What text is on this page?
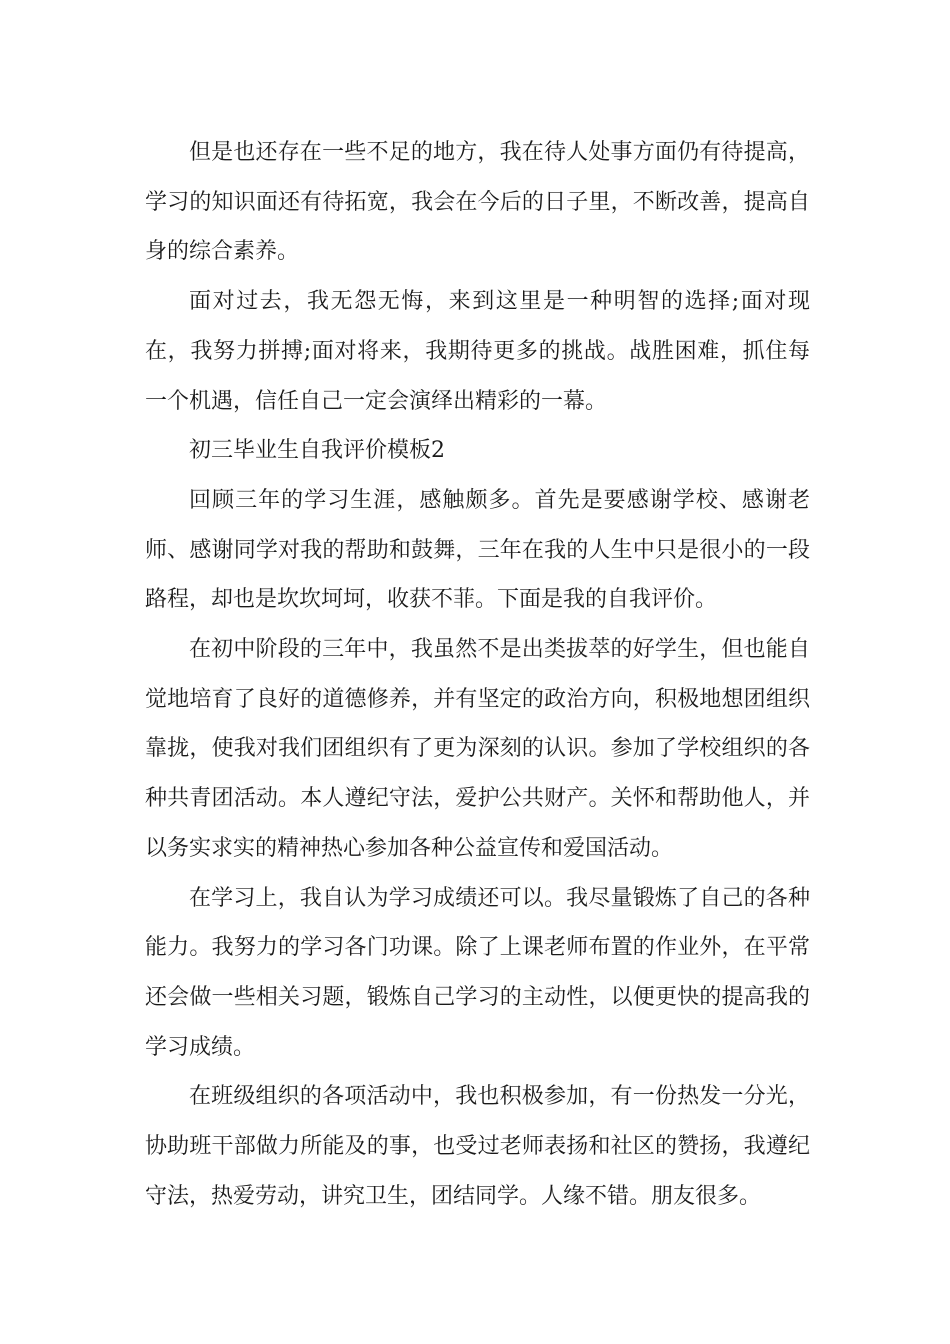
但是也还存在一些不足的地方，我在待人处事方面仍有待提高，学习的知识面还有待拓宽，我会在今后的日子里，不断改善，提高自身的综合素养。

面对过去，我无怨无悔，来到这里是一种明智的选择;面对现在，我努力拼搏;面对将来，我期待更多的挑战。战胜困难，抓住每一个机遇，信任自己一定会演绎出精彩的一幕。

初三毕业生自我评价模板2

回顾三年的学习生涯，感触颇多。首先是要感谢学校、感谢老师、感谢同学对我的帮助和鼓舞，三年在我的人生中只是很小的一段路程，却也是坎坎坷坷，收获不菲。下面是我的自我评价。

在初中阶段的三年中，我虽然不是出类拔萃的好学生，但也能自觉地培育了良好的道德修养，并有坚定的政治方向，积极地想团组织靠拢，使我对我们团组织有了更为深刻的认识。参加了学校组织的各种共青团活动。本人遵纪守法，爱护公共财产。关怀和帮助他人，并以务实求实的精神热心参加各种公益宣传和爱国活动。

在学习上，我自认为学习成绩还可以。我尽量锻炼了自己的各种能力。我努力的学习各门功课。除了上课老师布置的作业外，在平常还会做一些相关习题，锻炼自己学习的主动性，以便更快的提高我的学习成绩。

在班级组织的各项活动中，我也积极参加，有一份热发一分光，协助班干部做力所能及的事，也受过老师表扬和社区的赞扬，我遵纪守法，热爱劳动，讲究卫生，团结同学。人缘不错。朋友很多。
